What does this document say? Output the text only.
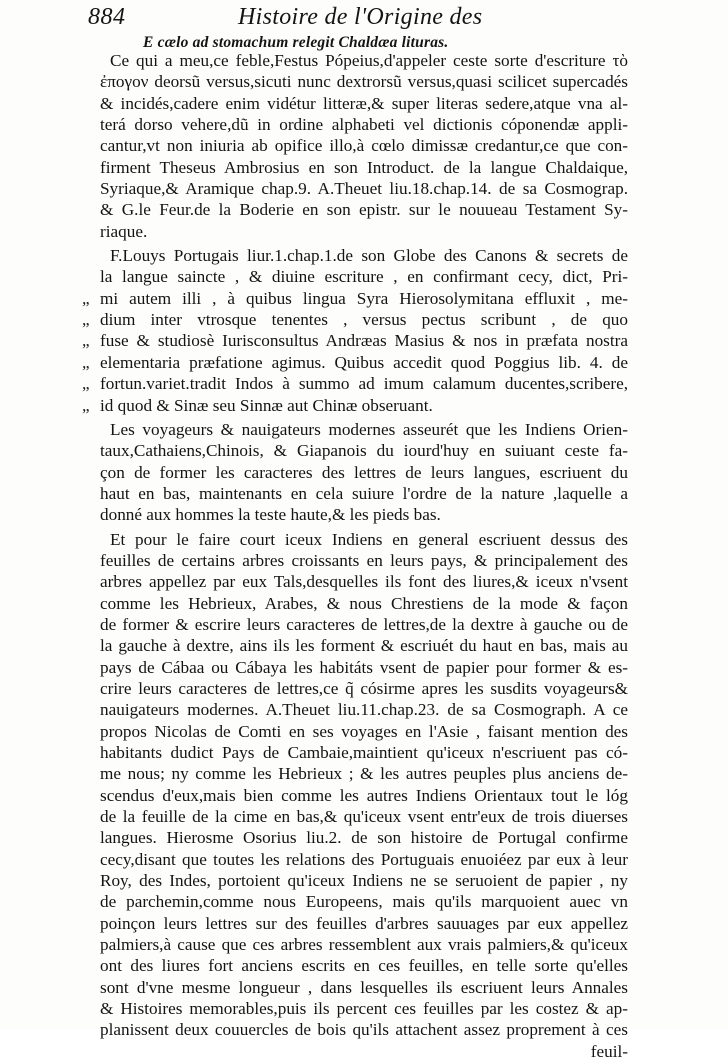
884	Histoire de l'Origine des
E cælo ad stomachum relegit Chaldæa lituras.
Ce qui a meu,ce feble,Festus Pópeius,d'appeler ceste sorte d'escriture τὸ
ἐπογον deorsũ versus,sicuti nunc dextrorsũ versus,quasi scilicet supercadés
& incidés,cadere enim vidétur litteræ,& super literas sedere,atque vna al-
terá dorso vehere,dũ in ordine alphabeti vel dictionis cóponendæ appli-
cantur,vt non iniuria ab opifice illo,à cœlo dimissæ credantur,ce que con-
firment Theseus Ambrosius en son Introduct. de la langue Chaldaique,
Syriaque,& Aramique chap.9. A.Theuet liu.18.chap.14. de sa Cosmograp.
& G.le Feur.de la Boderie en son epistr. sur le nouueau Testament Sy-
riaque.
F.Louys Portugais liur.1.chap.1.de son Globe des Canons & secrets de
la langue saincte , & diuine escriture , en confirmant cecy, dict, Pri-
mi autem illi , à quibus lingua Syra Hierosolymitana effluxit , me-
„
dium inter vtrosque tenentes , versus pectus scribunt , de quo
„
fuse & studiosè Iurisconsultus Andræas Masius & nos in præfata nostra
„
elementaria præfatione agimus. Quibus accedit quod Poggius lib. 4. de
„
fortun.variet.tradit Indos à summo ad imum calamum ducentes,scribere,
„
id quod & Sinæ seu Sinnæ aut Chinæ obseruant.
„
Les voyageurs & nauigateurs modernes asseurét que les Indiens Orien-
taux,Cathaiens,Chinois, & Giapanois du iourd'huy en suiuant ceste fa-
çon de former les caracteres des lettres de leurs langues, escriuent du
haut en bas, maintenants en cela suiure l'ordre de la nature ,laquelle a
donné aux hommes la teste haute,& les pieds bas.
Et pour le faire court iceux Indiens en general escriuent dessus des
feuilles de certains arbres croissants en leurs pays, & principalement des
arbres appellez par eux Tals,desquelles ils font des liures,& iceux n'vsent
comme les Hebrieux, Arabes, & nous Chrestiens de la mode & façon
de former & escrire leurs caracteres de lettres,de la dextre à gauche ou de
la gauche à dextre, ains ils les forment & escriuét du haut en bas, mais au
pays de Cábaa ou Cábaya les habitáts vsent de papier pour former & es-
crire leurs caracteres de lettres,ce q̃ cósirme apres les susdits voyageurs&
nauigateurs modernes. A.Theuet liu.11.chap.23. de sa Cosmograph. A ce
propos Nicolas de Comti en ses voyages en l'Asie , faisant mention des
habitants dudict Pays de Cambaie,maintient qu'iceux n'escriuent pas có-
me nous; ny comme les Hebrieux ; & les autres peuples plus anciens de-
scendus d'eux,mais bien comme les autres Indiens Orientaux tout le lóg
de la feuille de la cime en bas,& qu'iceux vsent entr'eux de trois diuerses
langues. Hierosme Osorius liu.2. de son histoire de Portugal confirme
cecy,disant que toutes les relations des Portuguais enuoiéez par eux à leur
Roy, des Indes, portoient qu'iceux Indiens ne se seruoient de papier , ny
de parchemin,comme nous Europeens, mais qu'ils marquoient auec vn
poinçon leurs lettres sur des feuilles d'arbres sauuages par eux appellez
palmiers,à cause que ces arbres ressemblent aux vrais palmiers,& qu'iceux
ont des liures fort anciens escrits en ces feuilles, en telle sorte qu'elles
sont d'vne mesme longueur , dans lesquelles ils escriuent leurs Annales
& Histoires memorables,puis ils percent ces feuilles par les costez & ap-
planissent deux couuercles de bois qu'ils attachent assez proprement à ces
feuil-
